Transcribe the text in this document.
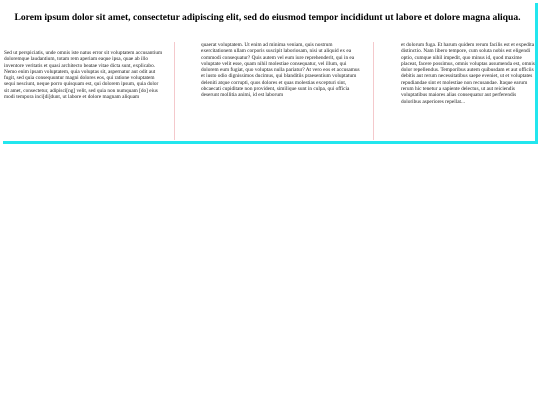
Lorem ipsum dolor sit amet, consectetur adipiscing elit, sed do eiusmod tempor incididunt ut labore et dolore magna aliqua.
Sed ut perspiciatis, unde omnis iste natus error sit voluptatem accusantium doloremque laudantium, totam rem aperiam eaque ipsa, quae ab illo inventore veritatis et quasi architecto beatae vitae dicta sunt, explicabo. Nemo enim ipsam voluptatem, quia voluptas sit, aspernatur aut odit aut fugit, sed quia consequuntur magni dolores eos, qui ratione voluptatem sequi nesciunt, neque porro quisquam est, qui dolorem ipsum, quia dolor sit amet, consectetur, adipisci[ng] velit, sed quia non numquam [do] eius modi tempora inci[di]dunt, ut labore et dolore magnam aliquam
quaerat voluptatem. Ut enim ad minima veniam, quis nostrum exercitationem ullam corporis suscipit laboriosam, nisi ut aliquid ex ea commodi consequatur? Quis autem vel eum iure reprehenderit, qui in ea voluptate velit esse, quam nihil molestiae consequatur, vel illum, qui dolorem eum fugiat, quo voluptas nulla pariatur? At vero eos et accusamus et iusto odio dignissimos ducimus, qui blanditiis praesentium voluptatum deleniti atque corrupti, quos dolores et quas molestias excepturi sint, obcaecati cupiditate non provident, similique sunt in culpa, qui officia deserunt mollitia animi, id est laborum
et dolorum fuga. Et harum quidem rerum facilis est et expedita distinctio. Nam libero tempore, cum soluta nobis est eligendi optio, cumque nihil impedit, quo minus id, quod maxime placeat, facere possimus, omnis voluptas assumenda est, omnis dolor repellendus. Temporibus autem quibusdam et aut officiis debitis aut rerum necessitatibus saepe eveniet, ut et voluptates repudiandae sint et molestiae non recusandae. Itaque earum rerum hic tenetur a sapiente delectus, ut aut reiciendis voluptatibus maiores alias consequatur aut perferendis doloribus asperiores repellat...
